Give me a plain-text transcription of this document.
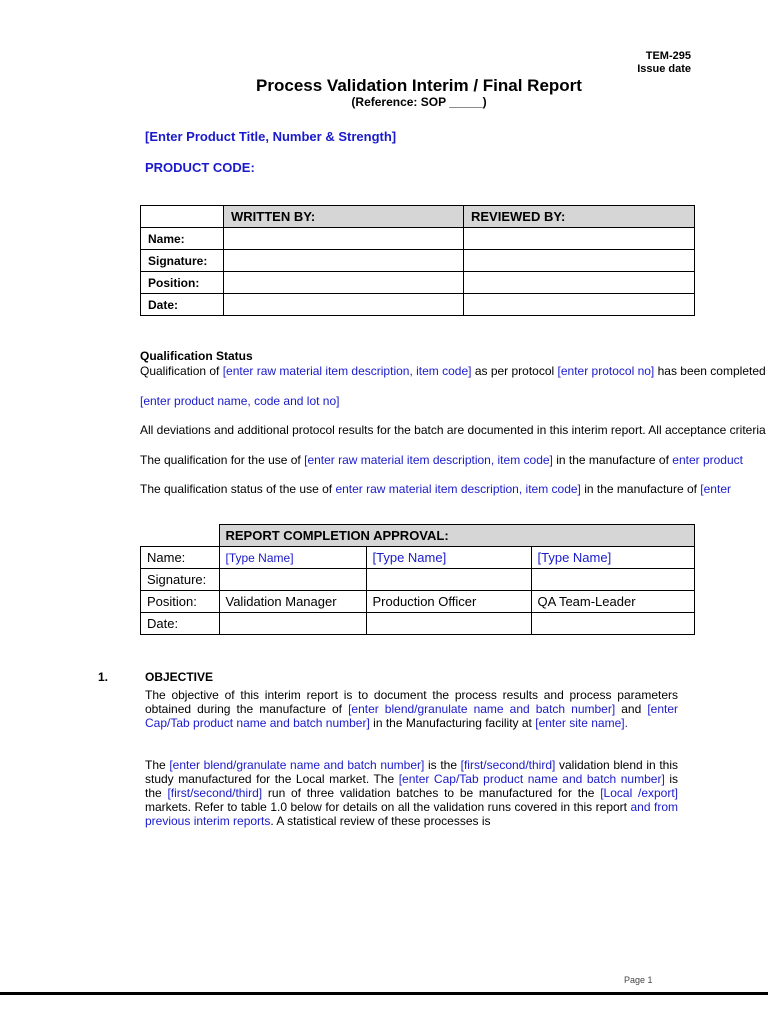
TEM-295
Issue date
Process Validation Interim / Final Report
(Reference: SOP _____)
[Enter Product Title, Number & Strength]
PRODUCT CODE:
	WRITTEN BY:	REVIEWED BY:
Name:		
Signature:		
Position:		
Date:		
Qualification Status
Qualification of [enter raw material item description, item code] as per protocol [enter protocol no] has been completed
[enter product name, code and lot no]
All deviations and additional protocol results for the batch are documented in this interim report. All acceptance criteria
The qualification for the use of [enter raw material item description, item code] in the manufacture of enter product
The qualification status of the use of enter raw material item description, item code] in the manufacture of [enter
	REPORT COMPLETION APPROVAL:		
Name:	[Type Name]	[Type Name]	[Type Name]
Signature:			
Position:	Validation Manager	Production Officer	QA Team-Leader
Date:			
1.	OBJECTIVE
The objective of this interim report is to document the process results and process parameters obtained during the manufacture of [enter blend/granulate name and batch number] and [enter Cap/Tab product name and batch number] in the Manufacturing facility at [enter site name].
The [enter blend/granulate name and batch number] is the [first/second/third] validation blend in this study manufactured for the Local market. The [enter Cap/Tab product name and batch number] is the [first/second/third] run of three validation batches to be manufactured for the [Local /export] markets. Refer to table 1.0 below for details on all the validation runs covered in this report and from previous interim reports. A statistical review of these processes is
Page 1
